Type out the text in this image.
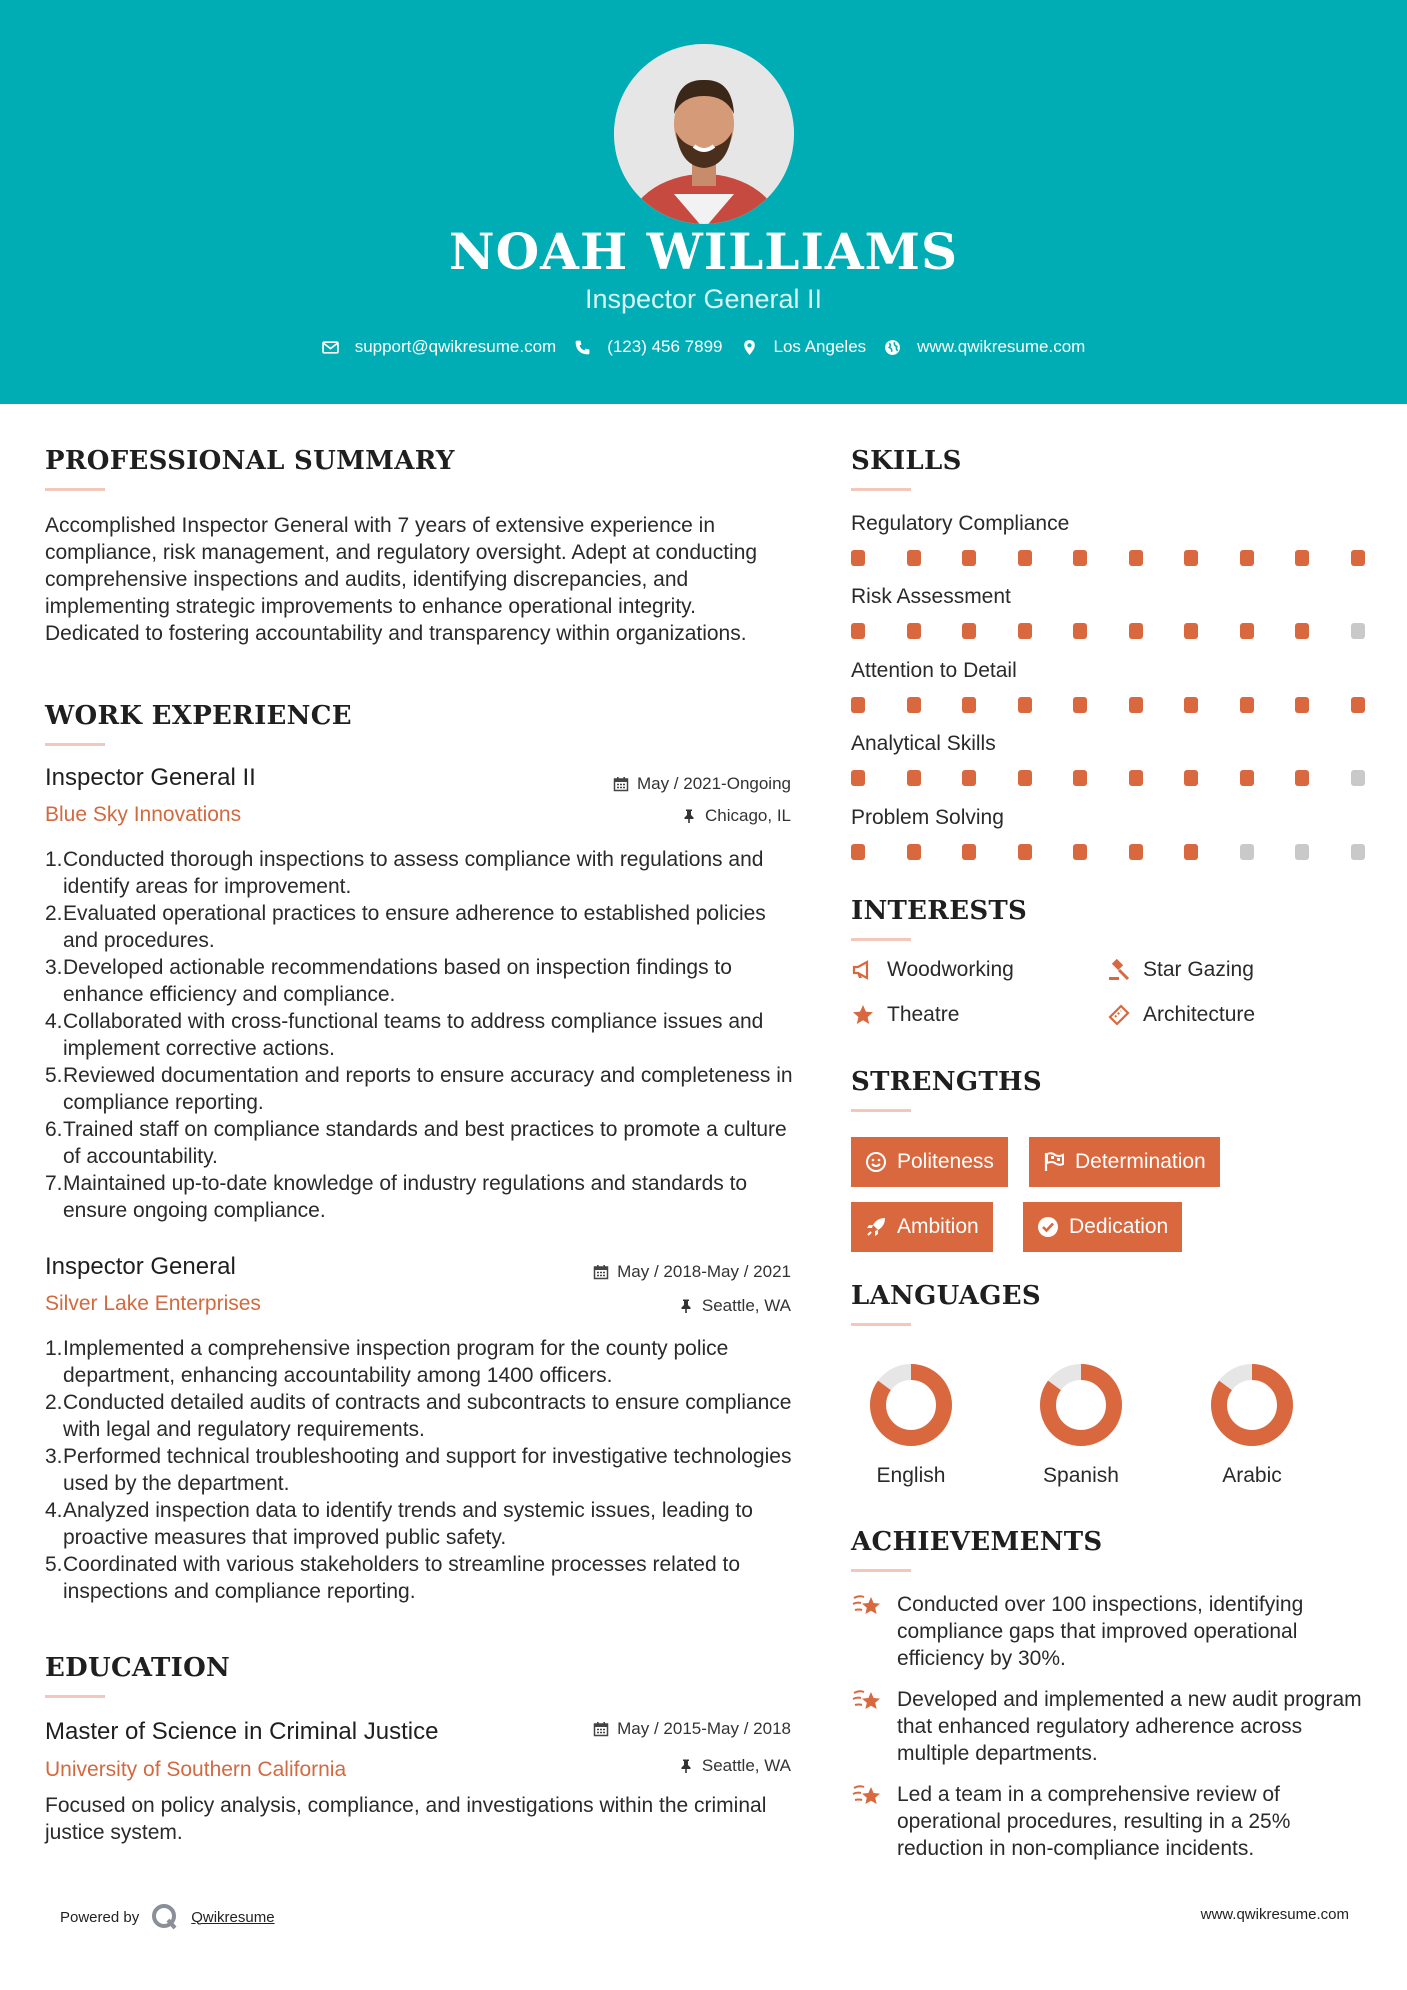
NOAH WILLIAMS
Inspector General II
support@qwikresume.com	(123) 456 7899	Los Angeles	www.qwikresume.com
PROFESSIONAL SUMMARY
Accomplished Inspector General with 7 years of extensive experience in compliance, risk management, and regulatory oversight. Adept at conducting comprehensive inspections and audits, identifying discrepancies, and implementing strategic improvements to enhance operational integrity. Dedicated to fostering accountability and transparency within organizations.
WORK EXPERIENCE
Inspector General II	May / 2021-Ongoing
Blue Sky Innovations	Chicago, IL
1. Conducted thorough inspections to assess compliance with regulations and identify areas for improvement.
2. Evaluated operational practices to ensure adherence to established policies and procedures.
3. Developed actionable recommendations based on inspection findings to enhance efficiency and compliance.
4. Collaborated with cross-functional teams to address compliance issues and implement corrective actions.
5. Reviewed documentation and reports to ensure accuracy and completeness in compliance reporting.
6. Trained staff on compliance standards and best practices to promote a culture of accountability.
7. Maintained up-to-date knowledge of industry regulations and standards to ensure ongoing compliance.
Inspector General	May / 2018-May / 2021
Silver Lake Enterprises	Seattle, WA
1. Implemented a comprehensive inspection program for the county police department, enhancing accountability among 1400 officers.
2. Conducted detailed audits of contracts and subcontracts to ensure compliance with legal and regulatory requirements.
3. Performed technical troubleshooting and support for investigative technologies used by the department.
4. Analyzed inspection data to identify trends and systemic issues, leading to proactive measures that improved public safety.
5. Coordinated with various stakeholders to streamline processes related to inspections and compliance reporting.
EDUCATION
Master of Science in Criminal Justice	May / 2015-May / 2018
University of Southern California	Seattle, WA
Focused on policy analysis, compliance, and investigations within the criminal justice system.
SKILLS
Regulatory Compliance
Risk Assessment
Attention to Detail
Analytical Skills
Problem Solving
INTERESTS
Woodworking	Star Gazing
Theatre	Architecture
STRENGTHS
Politeness	Determination
Ambition	Dedication
LANGUAGES
English	Spanish	Arabic
ACHIEVEMENTS
Conducted over 100 inspections, identifying compliance gaps that improved operational efficiency by 30%.
Developed and implemented a new audit program that enhanced regulatory adherence across multiple departments.
Led a team in a comprehensive review of operational procedures, resulting in a 25% reduction in non-compliance incidents.
Powered by	Qwikresume	www.qwikresume.com
